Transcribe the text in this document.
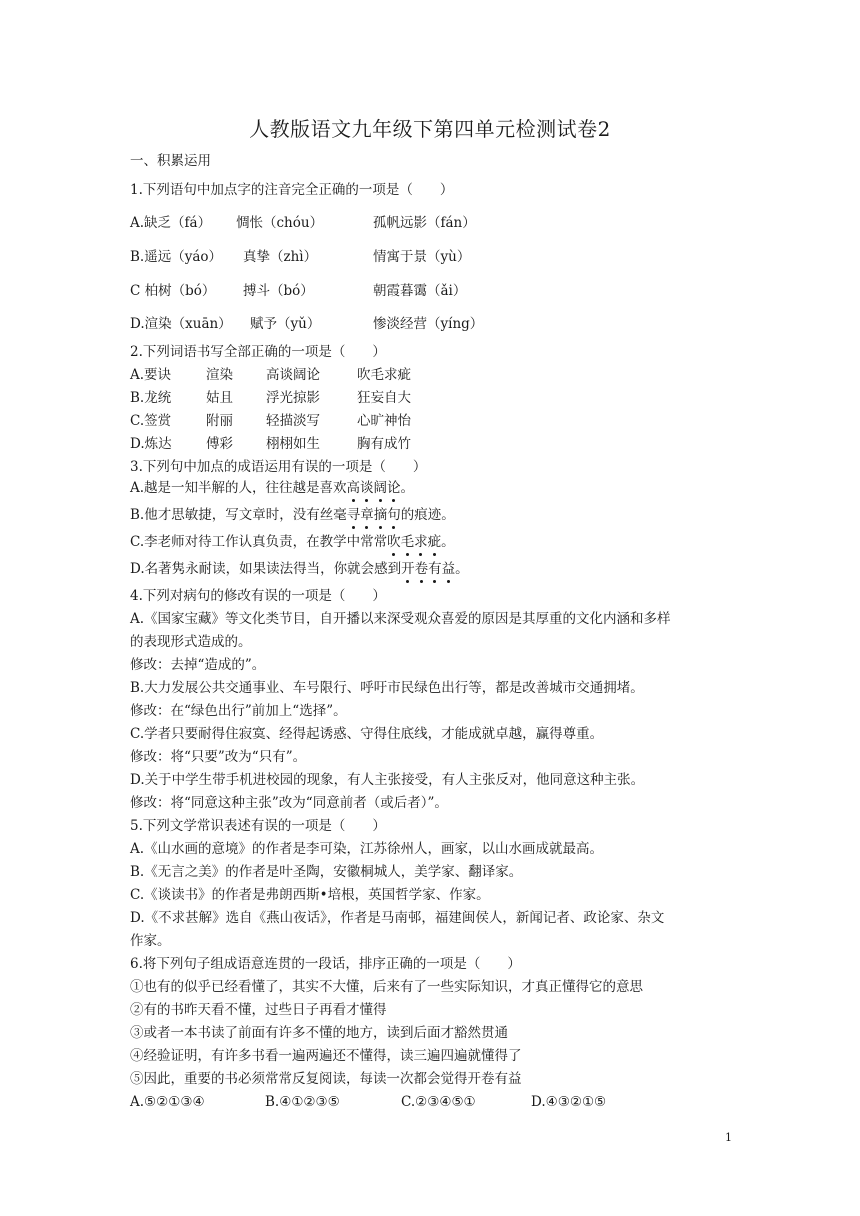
人教版语文九年级下第四单元检测试卷2
一、积累运用
1.下列语句中加点字的注音完全正确的一项是（　　）
A.缺乏（fá） 惆怅（chóu）	孤帆远影（fán）
B.遥远（yáo） 真挚（zhì）	情寓于景（yù）
C 柏树（bó） 搏斗（bó）	朝霞暮霭（ǎi）
D.渲染（xuān） 赋予（yǔ）	惨淡经营（yíng）
2.下列词语书写全部正确的一项是（　　）
A.要诀	渲染 高谈阔论	吹毛求疵
B.龙统	姑且 浮光掠影	狂妄自大
C.签赏	附丽 轻描淡写	心旷神怡
D.炼达	傅彩 栩栩如生	胸有成竹
3.下列句中加点的成语运用有误的一项是（　　）
A.越是一知半解的人，往往越是喜欢高谈阔论。
B.他才思敏捷，写文章时，没有丝毫寻章摘句的痕迹。
C.李老师对待工作认真负责，在教学中常常吹毛求疵。
D.名著隽永耐读，如果读法得当，你就会感到开卷有益。
4.下列对病句的修改有误的一项是（　　）
A.《国家宝藏》等文化类节目，自开播以来深受观众喜爱的原因是其厚重的文化内涵和多样
的表现形式造成的。
修改：去掉“造成的”。
B.大力发展公共交通事业、车号限行、呼吁市民绿色出行等，都是改善城市交通拥堵。
修改：在“绿色出行”前加上“选择”。
C.学者只要耐得住寂寞、经得起诱惑、守得住底线，才能成就卓越，赢得尊重。
修改：将“只要”改为“只有”。
D.关于中学生带手机进校园的现象，有人主张接受，有人主张反对，他同意这种主张。
修改：将“同意这种主张”改为“同意前者（或后者）”。
5.下列文学常识表述有误的一项是（　　）
A.《山水画的意境》的作者是李可染，江苏徐州人，画家，以山水画成就最高。
B.《无言之美》的作者是叶圣陶，安徽桐城人，美学家、翻译家。
C.《谈读书》的作者是弗朗西斯•培根，英国哲学家、作家。
D.《不求甚解》选自《燕山夜话》，作者是马南邨，福建闽侯人，新闻记者、政论家、杂文
作家。
6.将下列句子组成语意连贯的一段话，排序正确的一项是（　　）
①也有的似乎已经看懂了，其实不大懂，后来有了一些实际知识，才真正懂得它的意思
②有的书昨天看不懂，过些日子再看才懂得
③或者一本书读了前面有许多不懂的地方，读到后面才豁然贯通
④经验证明，有许多书看一遍两遍还不懂得，读三遍四遍就懂得了
⑤因此，重要的书必须常常反复阅读，每读一次都会觉得开卷有益
A.⑤②①③④	B.④①②③⑤	C.②③④⑤①	D.④③②①⑤
1
